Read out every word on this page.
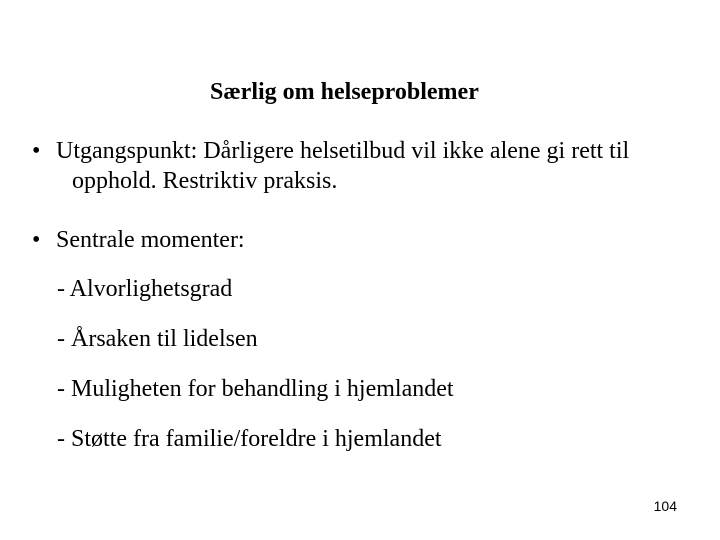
Særlig om helseproblemer
• Utgangspunkt: Dårligere helsetilbud vil ikke alene gi rett til
opphold. Restriktiv praksis.
• Sentrale momenter:
- Alvorlighetsgrad
- Årsaken til lidelsen
- Muligheten for behandling i hjemlandet
- Støtte fra familie/foreldre i hjemlandet
104
